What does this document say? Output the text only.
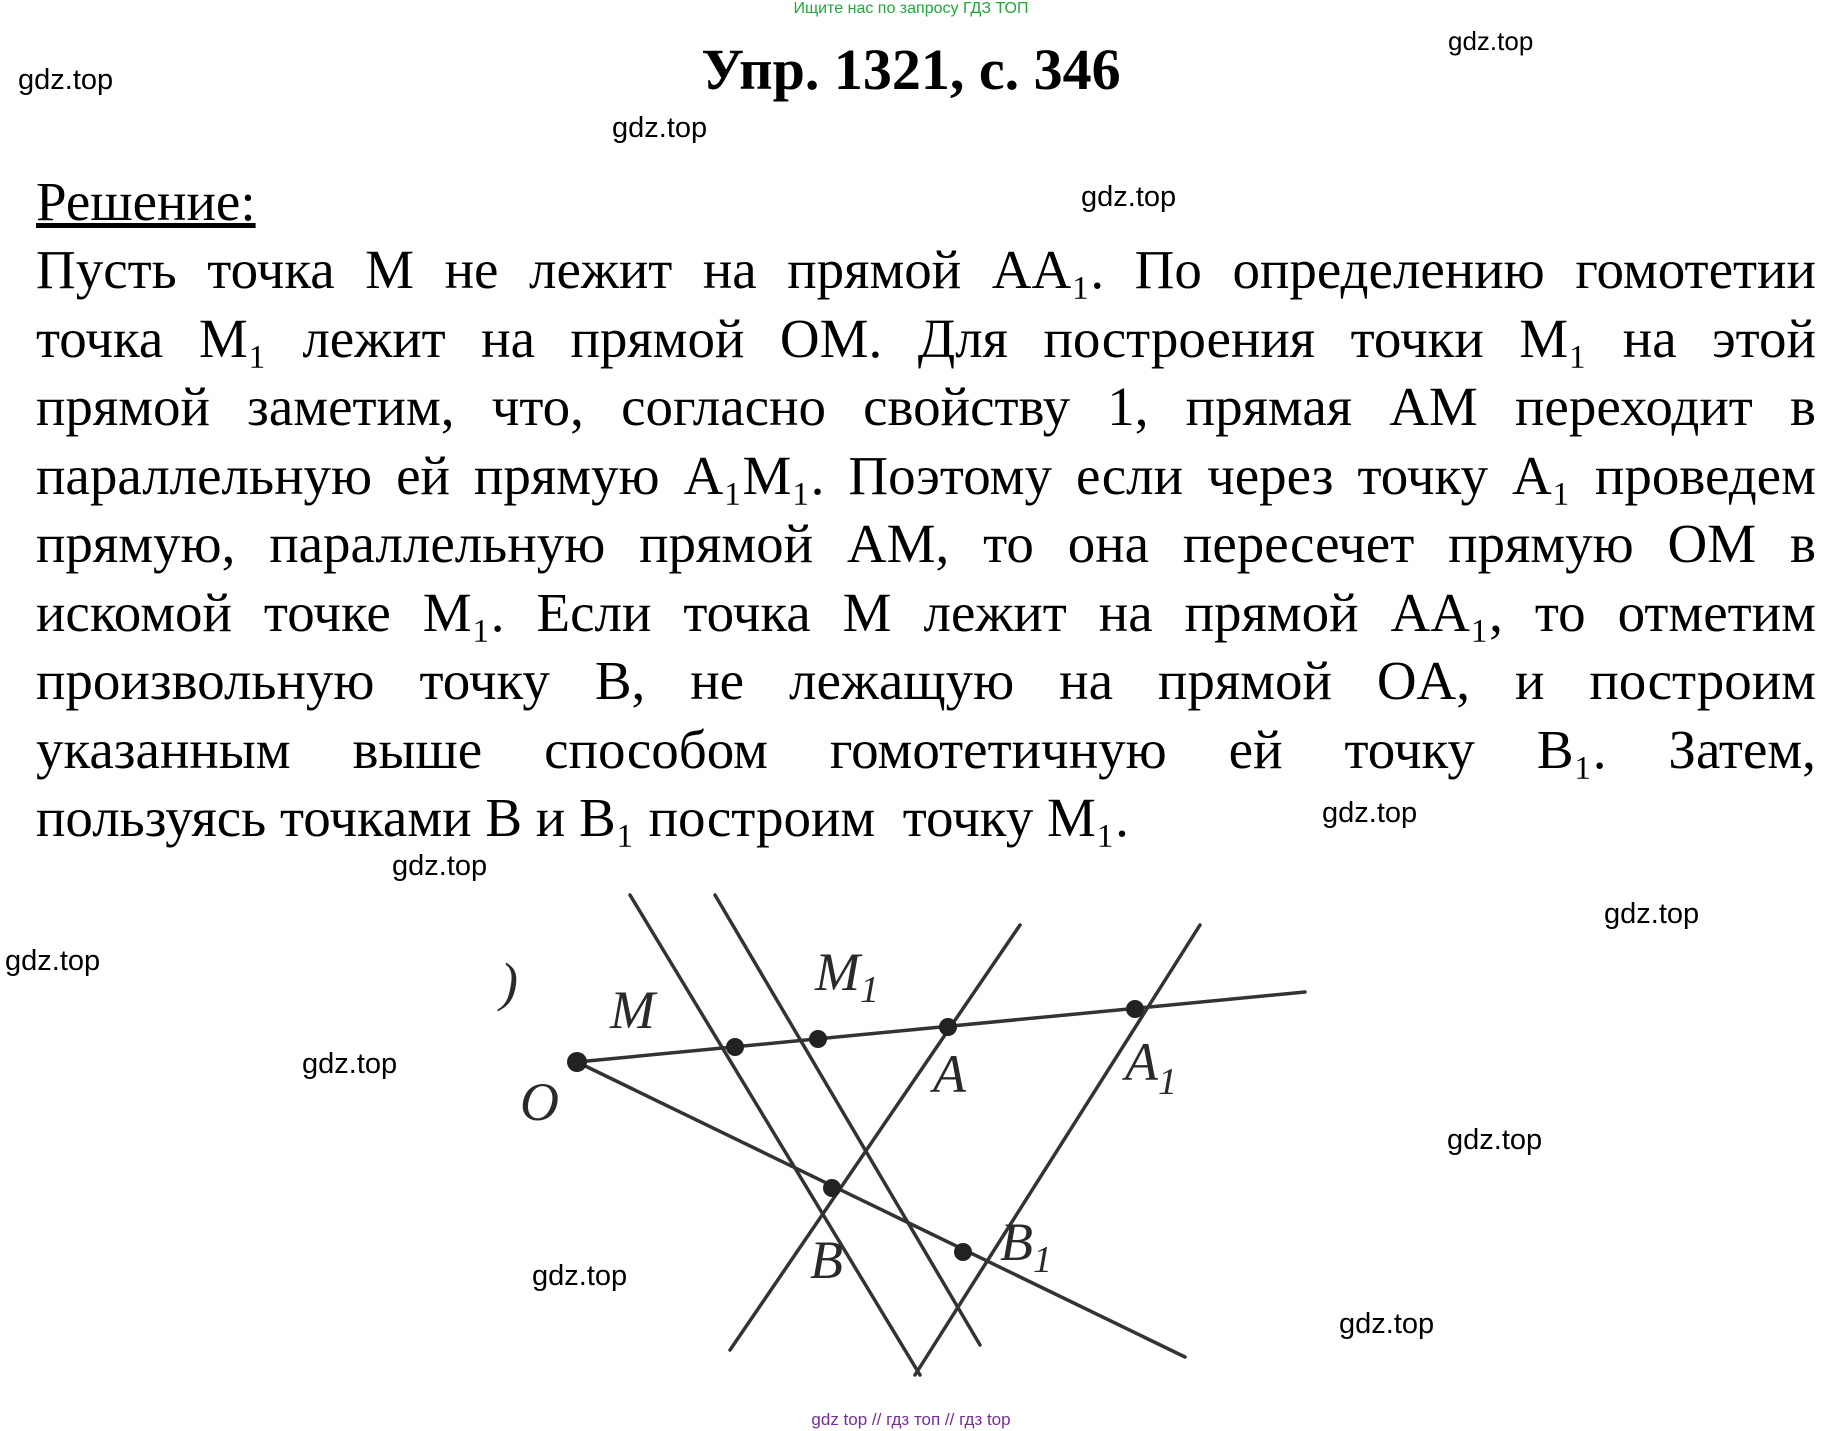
Ищите нас по запросу ГДЗ ТОП
Упр. 1321, с. 346
gdz.top
gdz.top
gdz.top
gdz.top
gdz.top
gdz.top
gdz.top
gdz.top
gdz.top
gdz.top
gdz.top
gdz.top
Решение:
Пусть точка M не лежит на прямой AA₁. По определению гомотетии
точка M₁ лежит на прямой OM. Для построения точки M₁ на этой
прямой заметим, что, согласно свойству 1, прямая AM переходит в
параллельную ей прямую A₁M₁. Поэтому если через точку A₁ проведем
прямую, параллельную прямой AM, то она пересечет прямую OM в
искомой точке M₁. Если точка M лежит на прямой AA₁, то отметим
произвольную точку B, не лежащую на прямой OA, и построим
указанным выше способом гомотетичную ей точку B₁. Затем,
пользуясь
точками
B
и
B₁
построим
точку
M₁.
)
O
M
$M_1$
A	$A_1$
B	$B_1$
gdz top // гдз топ // гдз top
